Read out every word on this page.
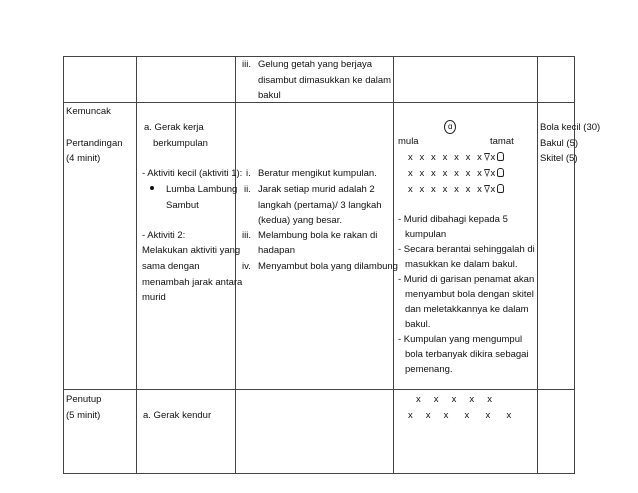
iii. Gelung getah yang berjaya
disambut dimasukkan ke dalam
bakul
Kemuncak
Pertandingan
(4 minit)
a. Gerak kerja
berkumpulan
- Aktiviti kecil (aktiviti 1):
Lumba Lambung
Sambut
- Aktiviti 2:
Melakukan aktiviti yang
sama dengan
menambah jarak antara
murid
i. Beratur mengikut kumpulan.
ii. Jarak setiap murid adalah 2
langkah (pertama)/ 3 langkah
(kedua) yang besar.
iii. Melambung bola ke rakan di
hadapan
iv. Menyambut bola yang dilambung
ɑ
mula	tamat
x  x  x  x  x  x  x x
x  x  x  x  x  x  x x
x  x  x  x  x  x  x x
- Murid dibahagi kepada 5
kumpulan
- Secara berantai sehinggalah di
masukkan ke dalam bakul.
- Murid di garisan penamat akan
menyambut bola dengan skitel
dan meletakkannya ke dalam
bakul.
- Kumpulan yang mengumpul
bola terbanyak dikira sebagai
pemenang.
Bola kecil (30)
Bakul (5)
Skitel (5)
Penutup
(5 minit)	a. Gerak kendur
x    x    x    x    x
x    x    x     x     x     x
